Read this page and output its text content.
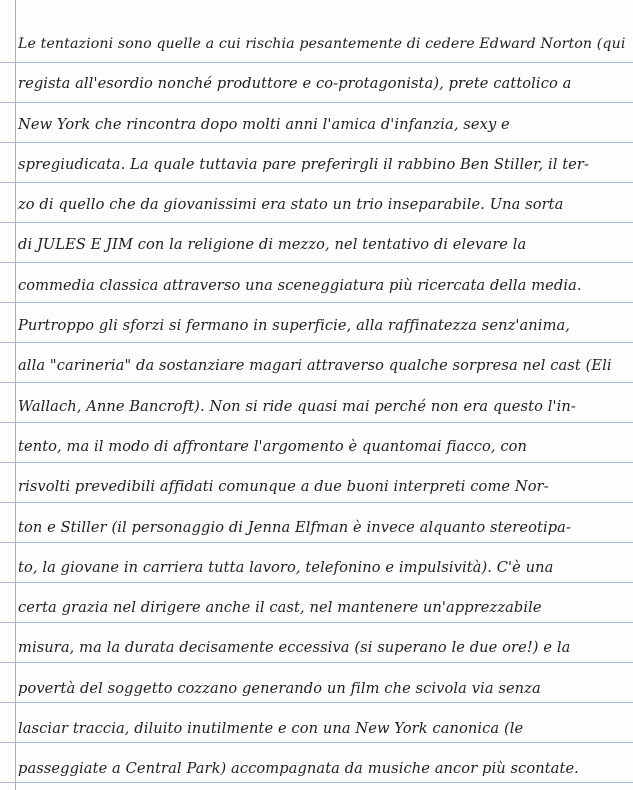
Le tentazioni sono quelle a cui rischia pesantemente di cedere Edward Norton (qui
regista all'esordio nonché produttore e co-protagonista), prete cattolico a
New York che rincontra dopo molti anni l'amica d'infanzia, sexy e
spregiudicata. La quale tuttavia pare preferirgli il rabbino Ben Stiller, il ter-
zo di quello che da giovanissimi era stato un trio inseparabile. Una sorta
di JULES E JIM con la religione di mezzo, nel tentativo di elevare la
commedia classica attraverso una sceneggiatura più ricercata della media.
Purtroppo gli sforzi si fermano in superficie, alla raffinatezza senz'anima,
alla "carineria" da sostanziare magari attraverso qualche sorpresa nel cast (Eli
Wallach, Anne Bancroft). Non si ride quasi mai perché non era questo l'in-
tento, ma il modo di affrontare l'argomento è quantomai fiacco, con
risvolti prevedibili affidati comunque a due buoni interpreti come Nor-
ton e Stiller (il personaggio di Jenna Elfman è invece alquanto stereotipa-
to, la giovane in carriera tutta lavoro, telefonino e impulsività). C'è una
certa grazia nel dirigere anche il cast, nel mantenere un'apprezzabile
misura, ma la durata decisamente eccessiva (si superano le due ore!) e la
povertà del soggetto cozzano generando un film che scivola via senza
lasciar traccia, diluito inutilmente e con una New York canonica (le
passeggiate a Central Park) accompagnata da musiche ancor più scontate.
